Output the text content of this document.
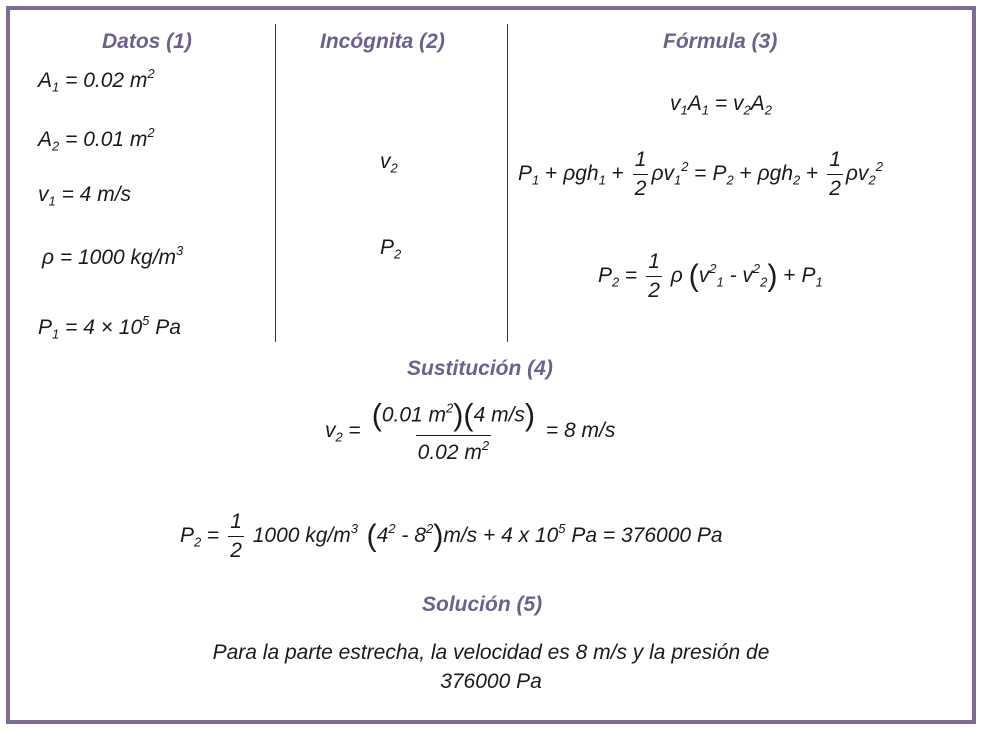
Datos (1)	Incógnita (2)	Fórmula (3)
$A_1 = 0.02$ $m^2$
$A_2 = 0.01$ $m^2$
$v_1 = 4$ m/s
ρ = 1000 $kg/m^3$
$P_1 = 4 \times 10^5$ Pa
$v_2$
$P_2$
$v_1A_1 = v_2A_2$
$P_1 + \rho gh_1 + \frac{1}{2} \rho v_1^2 = P_2 + \rho gh_2 + \frac{1}{2} \rho v_2^2$
$P_2 = \frac{1}{2}$ ρ $(v^2_1 - v^2_2) + P_1$
Sustitución (4)
$v_2 = \frac{(0.01 m^2)(4 m/s)}{0.02 m^2} = 8$ m/s
$P_2 = \frac{1}{2} 1000$ $kg/m^3$ $(4^2 - 8^2)m/s + 4$ x $10^5$ Pa = 376000 Pa
Solución (5)
Para la parte estrecha, la velocidad es 8 m/s y la presión de
376000 Pa
